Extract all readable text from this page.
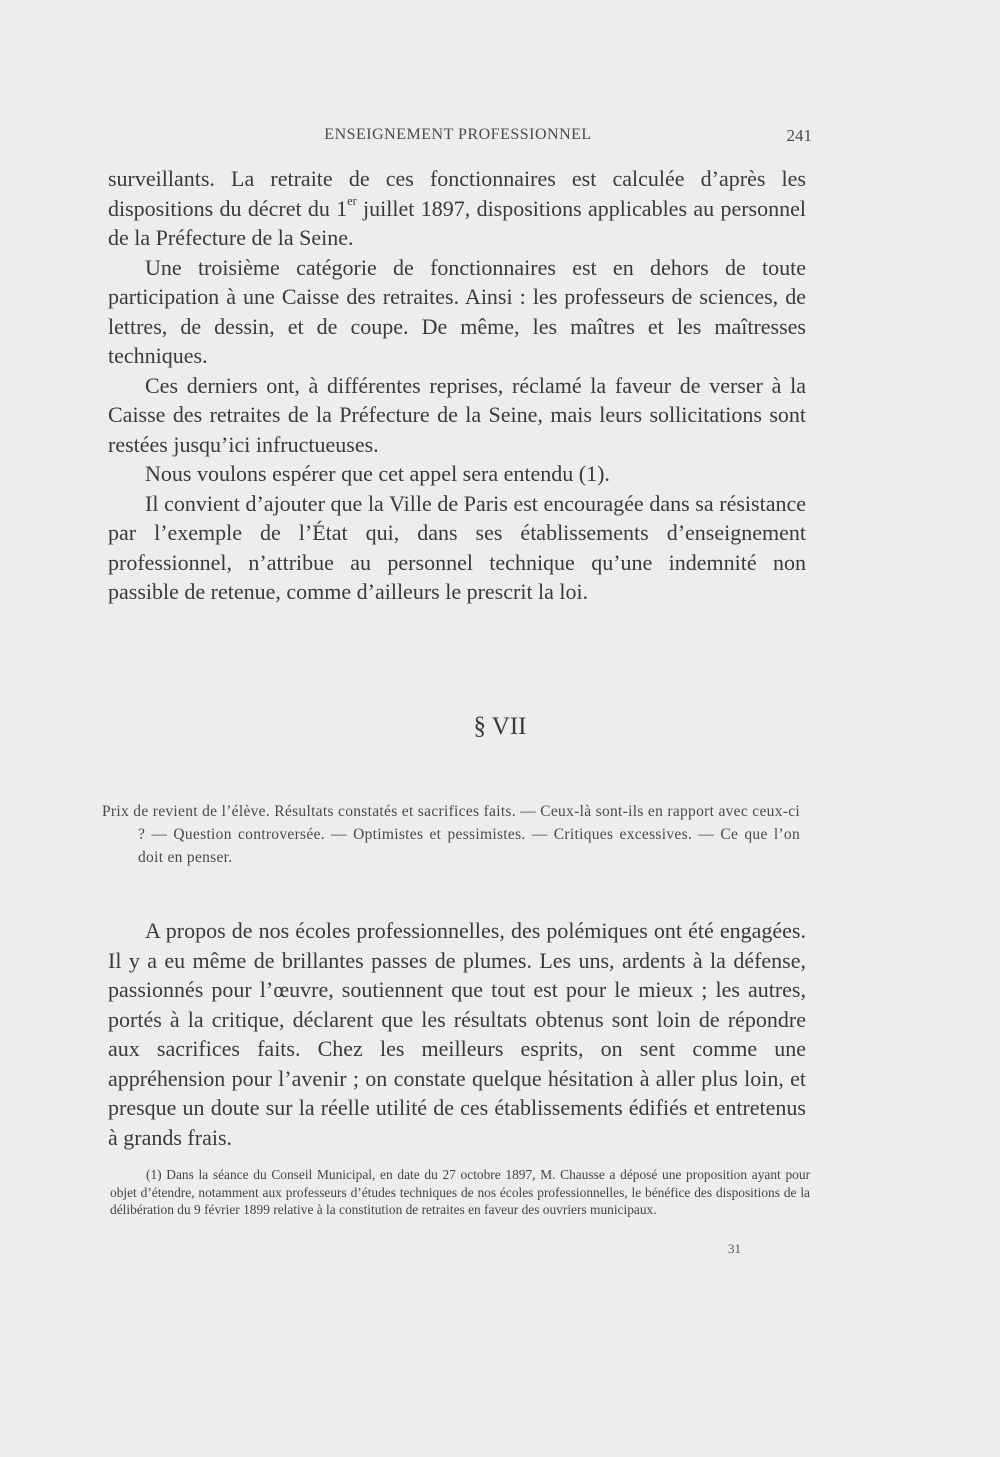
ENSEIGNEMENT PROFESSIONNEL	241

surveillants. La retraite de ces fonctionnaires est calculée d’après les dispositions du décret du 1er juillet 1897, dispositions applicables au personnel de la Préfecture de la Seine.

Une troisième catégorie de fonctionnaires est en dehors de toute participation à une Caisse des retraites. Ainsi : les professeurs de sciences, de lettres, de dessin, et de coupe. De même, les maîtres et les maîtresses techniques.

Ces derniers ont, à différentes reprises, réclamé la faveur de verser à la Caisse des retraites de la Préfecture de la Seine, mais leurs sollicitations sont restées jusqu’ici infructueuses.

Nous voulons espérer que cet appel sera entendu (1).

Il convient d’ajouter que la Ville de Paris est encouragée dans sa résistance par l’exemple de l’État qui, dans ses établissements d’enseignement professionnel, n’attribue au personnel technique qu’une indemnité non passible de retenue, comme d’ailleurs le prescrit la loi.

§ VII

Prix de revient de l’élève. Résultats constatés et sacrifices faits. — Ceux-là sont-ils en rapport avec ceux-ci ? — Question controversée. — Optimistes et pessimistes. — Critiques excessives. — Ce que l’on doit en penser.

A propos de nos écoles professionnelles, des polémiques ont été engagées. Il y a eu même de brillantes passes de plumes. Les uns, ardents à la défense, passionnés pour l’œuvre, soutiennent que tout est pour le mieux ; les autres, portés à la critique, déclarent que les résultats obtenus sont loin de répondre aux sacrifices faits. Chez les meilleurs esprits, on sent comme une appréhension pour l’avenir ; on constate quelque hésitation à aller plus loin, et presque un doute sur la réelle utilité de ces établissements édifiés et entretenus à grands frais.

(1) Dans la séance du Conseil Municipal, en date du 27 octobre 1897, M. Chausse a déposé une proposition ayant pour objet d’étendre, notamment aux professeurs d’études techniques de nos écoles professionnelles, le bénéfice des dispositions de la délibération du 9 février 1899 relative à la constitution de retraites en faveur des ouvriers municipaux.

31
